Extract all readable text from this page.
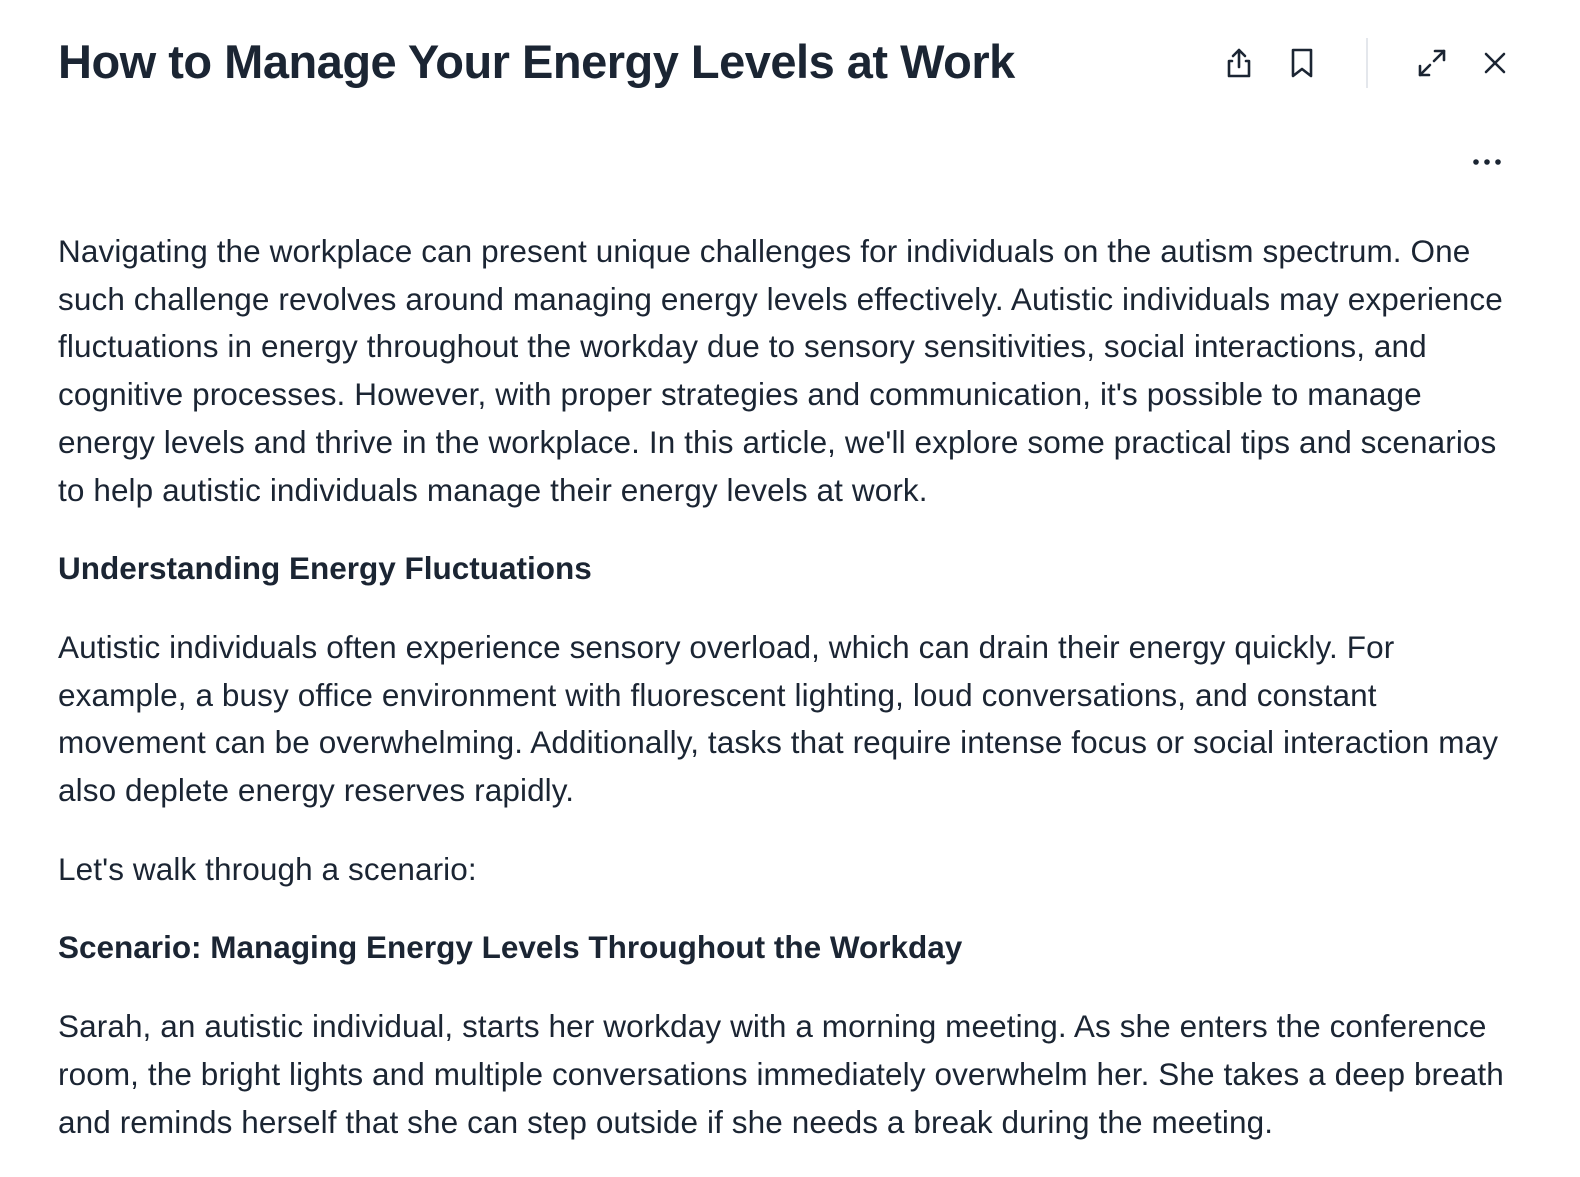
How to Manage Your Energy Levels at Work

Navigating the workplace can present unique challenges for individuals on the autism spectrum. One such challenge revolves around managing energy levels effectively. Autistic individuals may experience fluctuations in energy throughout the workday due to sensory sensitivities, social interactions, and cognitive processes. However, with proper strategies and communication, it's possible to manage energy levels and thrive in the workplace. In this article, we'll explore some practical tips and scenarios to help autistic individuals manage their energy levels at work.

Understanding Energy Fluctuations

Autistic individuals often experience sensory overload, which can drain their energy quickly. For example, a busy office environment with fluorescent lighting, loud conversations, and constant movement can be overwhelming. Additionally, tasks that require intense focus or social interaction may also deplete energy reserves rapidly.

Let's walk through a scenario:

Scenario: Managing Energy Levels Throughout the Workday

Sarah, an autistic individual, starts her workday with a morning meeting. As she enters the conference room, the bright lights and multiple conversations immediately overwhelm her. She takes a deep breath and reminds herself that she can step outside if she needs a break during the meeting.
